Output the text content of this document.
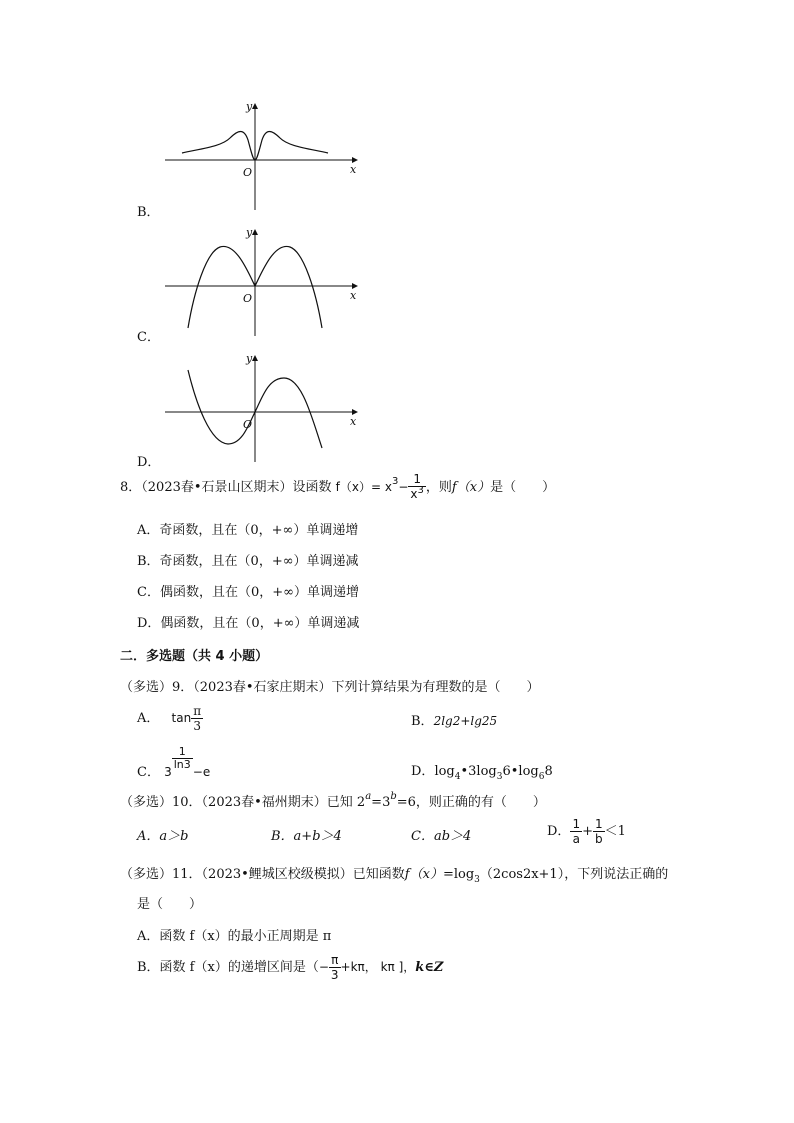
y
x
O
B．
y
x
O
C．
y
x
O
D．
8．（2023春•石景山区期末）设函数 $f(x)= x^3- \frac{1}{x^3}$ ，则f（x）是（　　）
A．奇函数，且在（0，+∞）单调递增
B．奇函数，且在（0，+∞）单调递减
C．偶函数，且在（0，+∞）单调递增
D．偶函数，且在（0，+∞）单调递减
二．多选题（共 4 小题）
（多选）9．（2023春•石家庄期末）下列计算结果为有理数的是（　　）
A． $\tan \frac{\pi}{3}$	B．2lg2+lg25
C． 3
$\frac{1}{\ln 3}$
−e	D．$\log_4•3\log_36•\log_68$
（多选）10．（2023春•福州期末）已知 $2^a=3^b=6$，则正确的有（　　）
A．a＞b	B．a+b＞4	C．ab＞4	D． $\frac{1}{a} + \frac{1}{b} <1$
（多选）11．（2023•鲤城区校级模拟）已知函数$f(x)=\log_3(2\cos 2x+1)$，下列说法正确的
是（　　）
A．函数 f（x）的最小正周期是 π
B．函数 f（x）的递增区间是（− $\frac{\pi}{3} +k\pi$， kπ ]，k∈Z
